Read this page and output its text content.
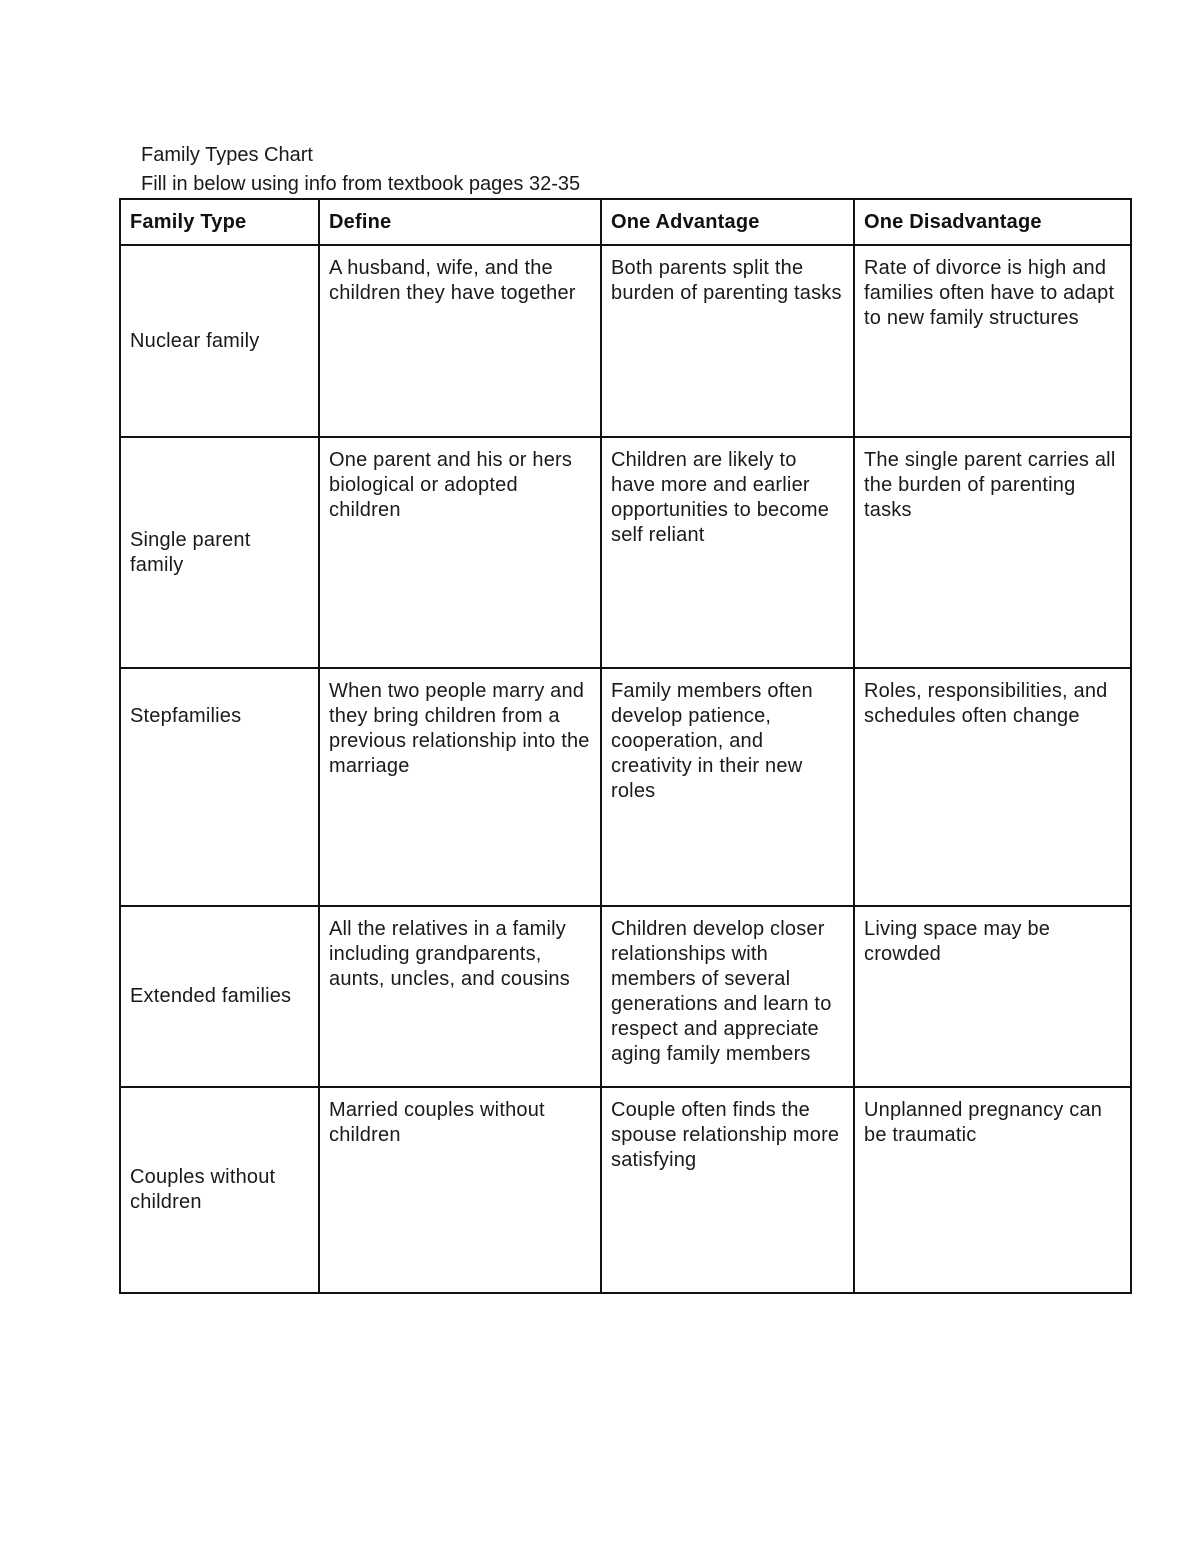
Family Types Chart
Fill in below using info from textbook pages 32-35
Family Type	Define	One Advantage	One Disadvantage
Nuclear family	A husband, wife, and the children they have together	Both parents split the burden of parenting tasks	Rate of divorce is high and families often have to adapt to new family structures
Single parent family	One parent and his or hers biological or adopted children	Children are likely to have more and earlier opportunities to become self reliant	The single parent carries all the burden of parenting tasks
Stepfamilies	When two people marry and they bring children from a previous relationship into the marriage	Family members often develop patience, cooperation, and creativity in their new roles	Roles, responsibilities, and schedules often change
Extended families	All the relatives in a family including grandparents, aunts, uncles, and cousins	Children develop closer relationships with members of several generations and learn to respect and appreciate aging family members	Living space may be crowded
Couples without children	Married couples without children	Couple often finds the spouse relationship more satisfying	Unplanned pregnancy can be traumatic
